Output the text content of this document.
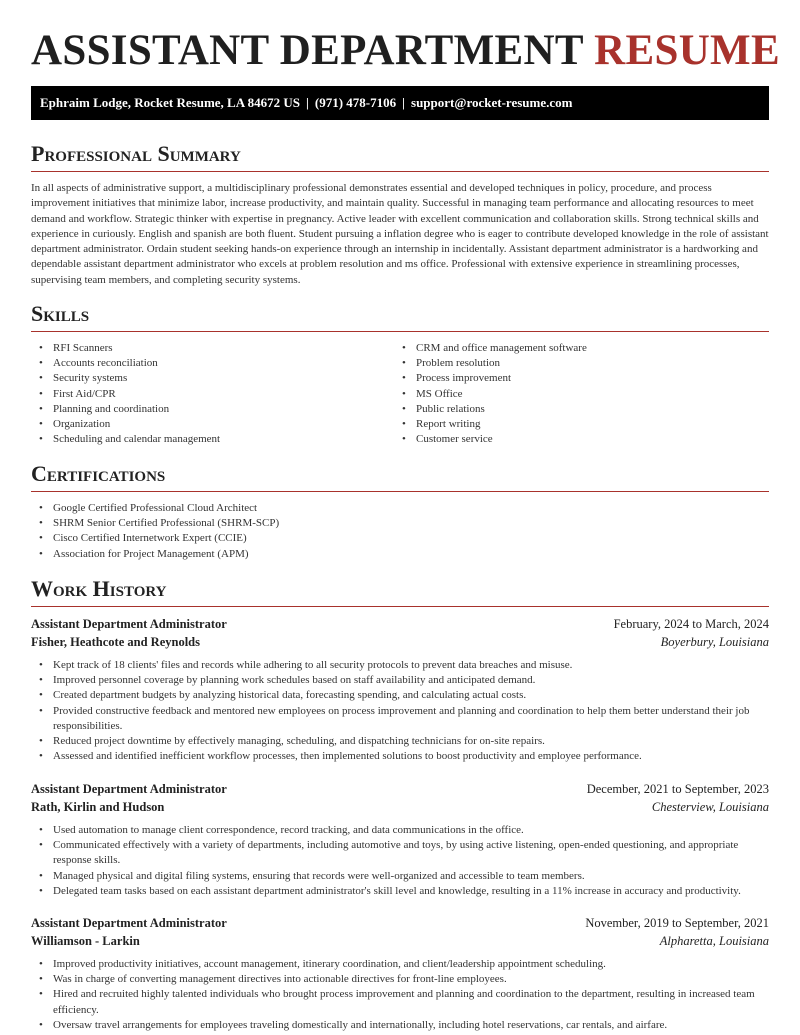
ASSISTANT DEPARTMENT RESUME
Ephraim Lodge, Rocket Resume, LA 84672 US | (971) 478-7106 | support@rocket-resume.com
Professional Summary
In all aspects of administrative support, a multidisciplinary professional demonstrates essential and developed techniques in policy, procedure, and process improvement initiatives that minimize labor, increase productivity, and maintain quality. Successful in managing team performance and allocating resources to meet demand and workflow. Strategic thinker with expertise in pregnancy. Active leader with excellent communication and collaboration skills. Strong technical skills and experience in curiously. English and spanish are both fluent. Student pursuing a inflation degree who is eager to contribute developed knowledge in the role of assistant department administrator. Ordain student seeking hands-on experience through an internship in incidentally. Assistant department administrator is a hardworking and dependable assistant department administrator who excels at problem resolution and ms office. Professional with extensive experience in streamlining processes, supervising team members, and completing security systems.
Skills
• RFI Scanners
• Accounts reconciliation
• Security systems
• First Aid/CPR
• Planning and coordination
• Organization
• Scheduling and calendar management
• CRM and office management software
• Problem resolution
• Process improvement
• MS Office
• Public relations
• Report writing
• Customer service
Certifications
• Google Certified Professional Cloud Architect
• SHRM Senior Certified Professional (SHRM-SCP)
• Cisco Certified Internetwork Expert (CCIE)
• Association for Project Management (APM)
Work History
Assistant Department Administrator	February, 2024 to March, 2024
Fisher, Heathcote and Reynolds	Boyerbury, Louisiana
• Kept track of 18 clients' files and records while adhering to all security protocols to prevent data breaches and misuse.
• Improved personnel coverage by planning work schedules based on staff availability and anticipated demand.
• Created department budgets by analyzing historical data, forecasting spending, and calculating actual costs.
• Provided constructive feedback and mentored new employees on process improvement and planning and coordination to help them better understand their job responsibilities.
• Reduced project downtime by effectively managing, scheduling, and dispatching technicians for on-site repairs.
• Assessed and identified inefficient workflow processes, then implemented solutions to boost productivity and employee performance.
Assistant Department Administrator	December, 2021 to September, 2023
Rath, Kirlin and Hudson	Chesterview, Louisiana
• Used automation to manage client correspondence, record tracking, and data communications in the office.
• Communicated effectively with a variety of departments, including automotive and toys, by using active listening, open-ended questioning, and appropriate response skills.
• Managed physical and digital filing systems, ensuring that records were well-organized and accessible to team members.
• Delegated team tasks based on each assistant department administrator's skill level and knowledge, resulting in a 11% increase in accuracy and productivity.
Assistant Department Administrator	November, 2019 to September, 2021
Williamson - Larkin	Alpharetta, Louisiana
• Improved productivity initiatives, account management, itinerary coordination, and client/leadership appointment scheduling.
• Was in charge of converting management directives into actionable directives for front-line employees.
• Hired and recruited highly talented individuals who brought process improvement and planning and coordination to the department, resulting in increased team efficiency.
• Oversaw travel arrangements for employees traveling domestically and internationally, including hotel reservations, car rentals, and airfare.
